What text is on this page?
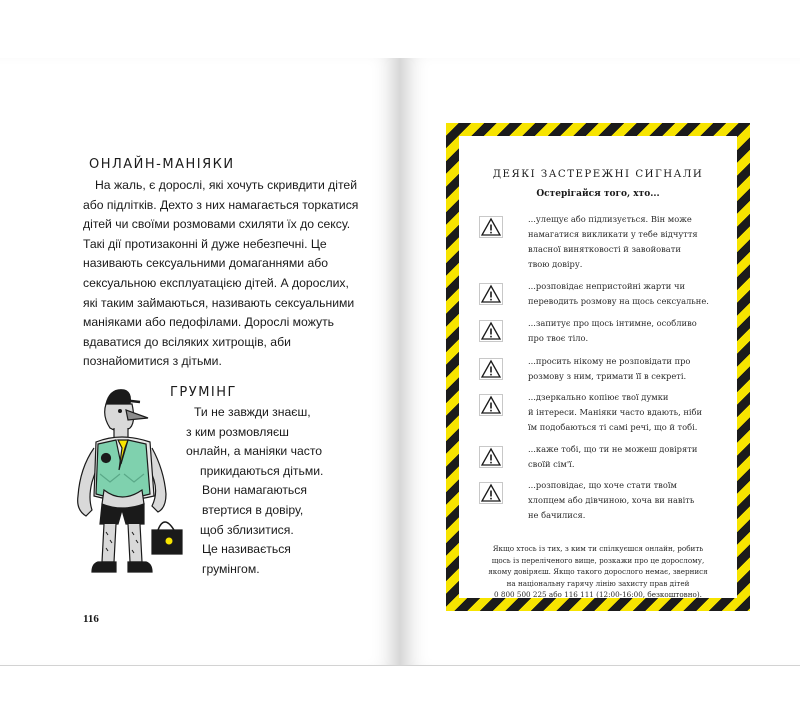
ОНЛАЙН-МАНІЯКИ
На жаль, є дорослі, які хочуть скривдити дітей
або підлітків. Дехто з них намагається торкатися
дітей чи своїми розмовами схиляти їх до сексу.
Такі дії протизаконні й дуже небезпечні. Це
називають сексуальними домаганнями або
сексуальною експлуатацією дітей. А дорослих,
які таким займаються, називають сексуальними
маніяками або педофілами. Дорослі можуть
вдаватися до всіляких хитрощів, аби
познайомитися з дітьми.
ГРУМІНГ
Ти не завжди знаєш,
з ким розмовляєш
онлайн, а маніяки часто
прикидаються дітьми.
Вони намагаються
втертися в довіру,
щоб зблизитися.
Це називається
грумінгом.
116
ДЕЯКІ ЗАСТЕРЕЖНІ СИГНАЛИ
Остерігайся того, хто...
...улещує або підлизується. Він може
намагатися викликати у тебе відчуття
власної винятковості й завойовати
твою довіру.
...розповідає непристойні жарти чи
переводить розмову на щось сексуальне.
...запитує про щось інтимне, особливо
про твоє тіло.
...просить нікому не розповідати про
розмову з ним, тримати її в секреті.
...дзеркально копіює твої думки
й інтереси. Маніяки часто вдають, ніби
їм подобаються ті самі речі, що й тобі.
...каже тобі, що ти не можеш довіряти
своїй сім'ї.
...розповідає, що хоче стати твоїм
хлопцем або дівчиною, хоча ви навіть
не бачилися.
Якщо хтось із тих, з ким ти спілкуєшся онлайн, робить
щось із переліченого вище, розкажи про це дорослому,
якому довіряєш. Якщо такого дорослого немає, звернися
на національну гарячу лінію захисту прав дітей
0 800 500 225 або 116 111 (12:00-16:00, безкоштовно).
